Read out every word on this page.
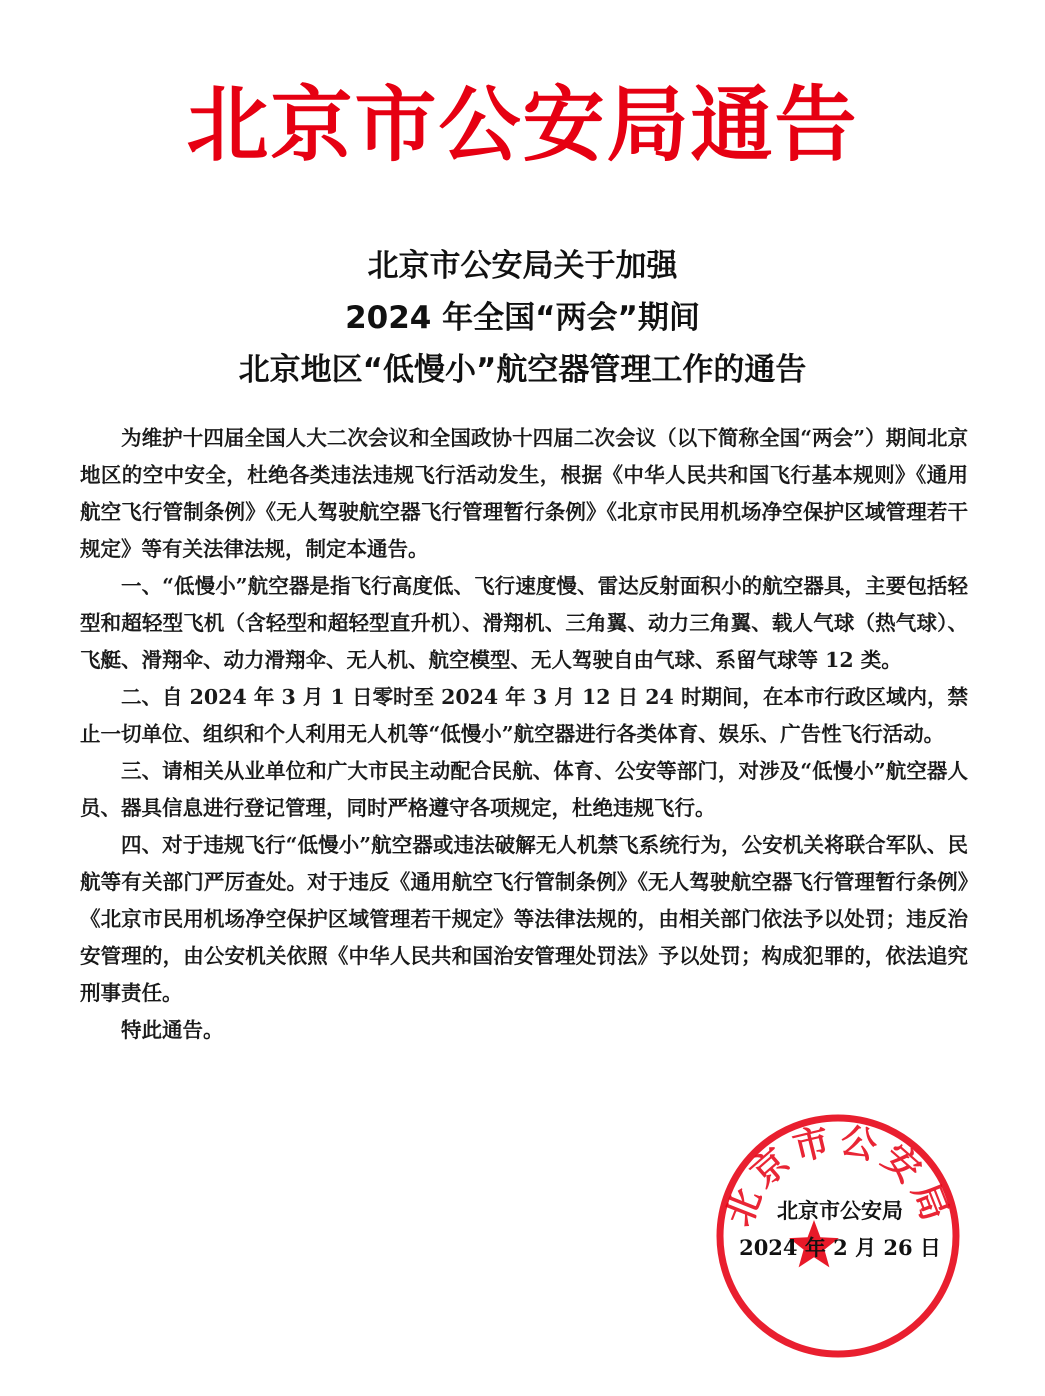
北京市公安局通告
北京市公安局关于加强
2024 年全国“两会”期间
北京地区“低慢小”航空器管理工作的通告

为维护十四届全国人大二次会议和全国政协十四届二次会议（以下简称全国“两会”）期间北京地区的空中安全，杜绝各类违法违规飞行活动发生，根据《中华人民共和国飞行基本规则》《通用航空飞行管制条例》《无人驾驶航空器飞行管理暂行条例》《北京市民用机场净空保护区域管理若干规定》等有关法律法规，制定本通告。

一、“低慢小”航空器是指飞行高度低、飞行速度慢、雷达反射面积小的航空器具，主要包括轻型和超轻型飞机（含轻型和超轻型直升机）、滑翔机、三角翼、动力三角翼、载人气球（热气球）、飞艇、滑翔伞、动力滑翔伞、无人机、航空模型、无人驾驶自由气球、系留气球等 12 类。

二、自 2024 年 3 月 1 日零时至 2024 年 3 月 12 日 24 时期间，在本市行政区域内，禁止一切单位、组织和个人利用无人机等“低慢小”航空器进行各类体育、娱乐、广告性飞行活动。

三、请相关从业单位和广大市民主动配合民航、体育、公安等部门，对涉及“低慢小”航空器人员、器具信息进行登记管理，同时严格遵守各项规定，杜绝违规飞行。

四、对于违规飞行“低慢小”航空器或违法破解无人机禁飞系统行为，公安机关将联合军队、民航等有关部门严厉查处。对于违反《通用航空飞行管制条例》《无人驾驶航空器飞行管理暂行条例》《北京市民用机场净空保护区域管理若干规定》等法律法规的，由相关部门依法予以处罚；违反治安管理的，由公安机关依照《中华人民共和国治安管理处罚法》予以处罚；构成犯罪的，依法追究刑事责任。

特此通告。

北京市公安局
北京市公安局
2024 年 2 月 26 日
